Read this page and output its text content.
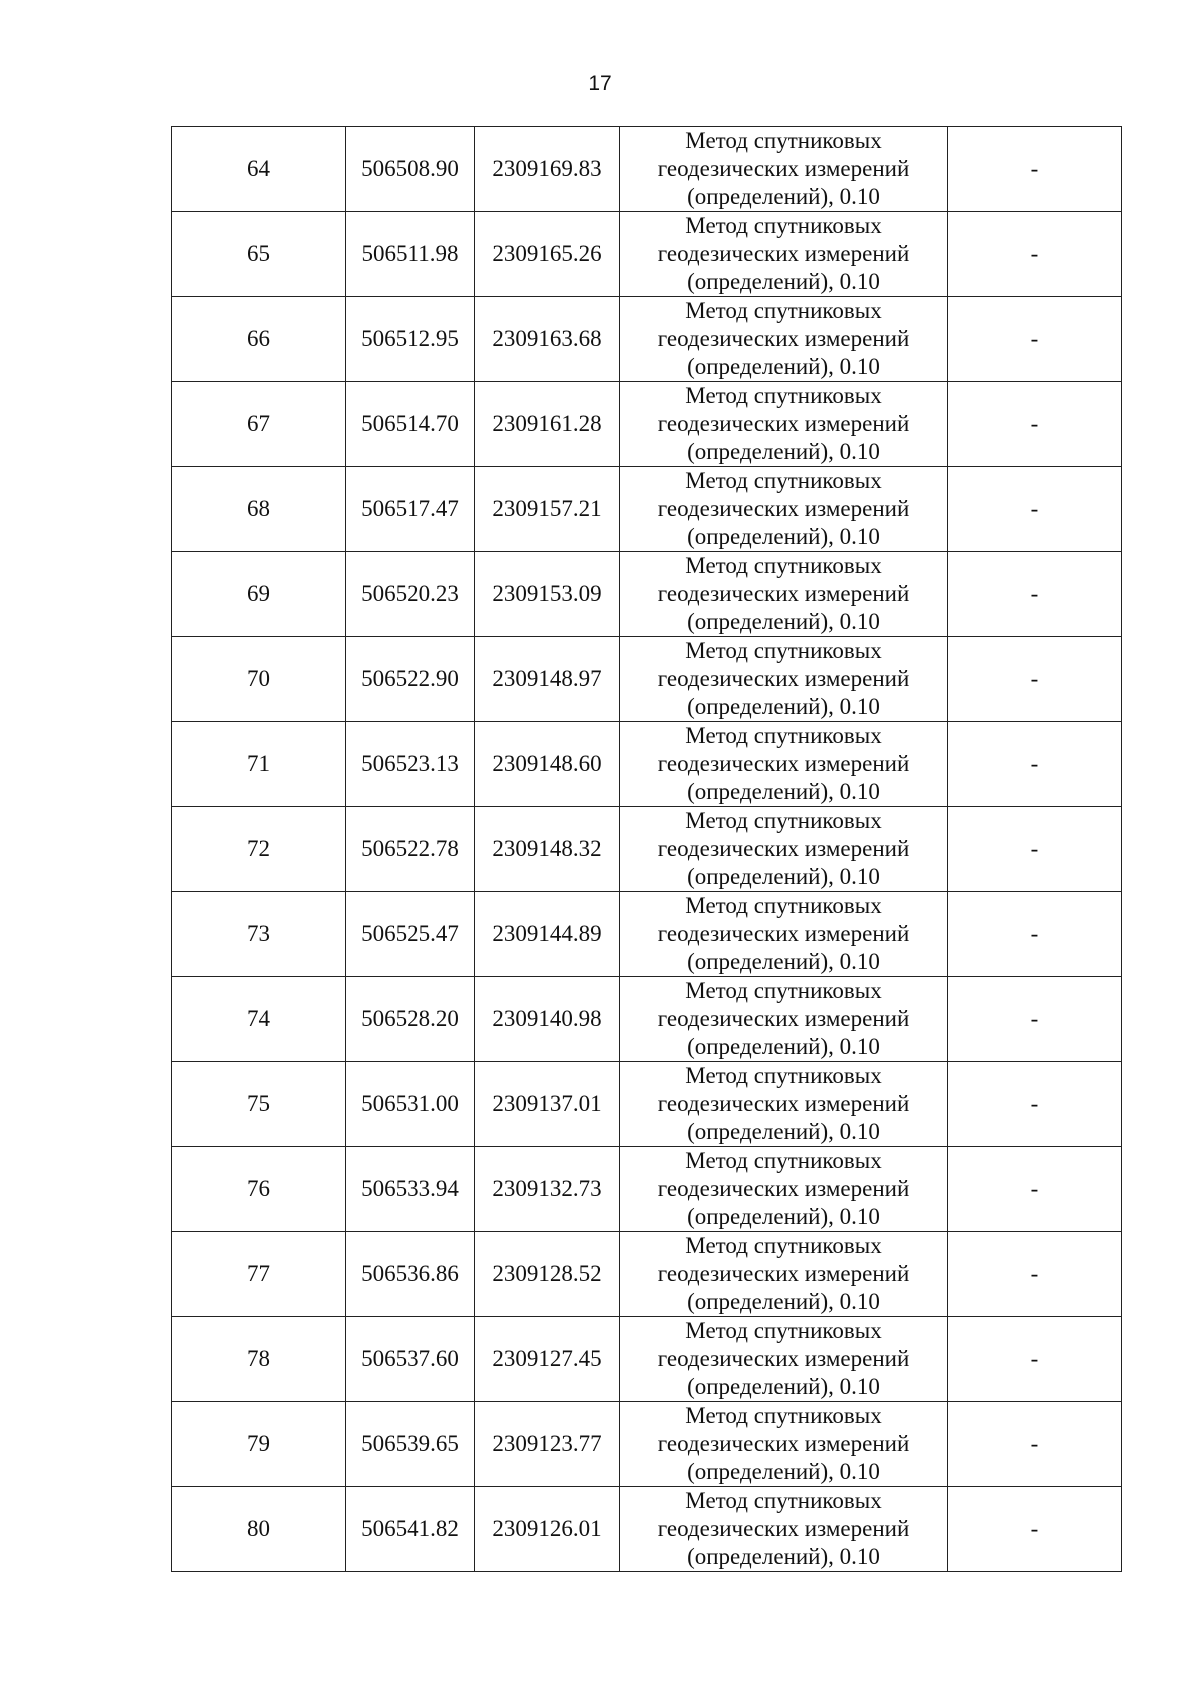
17
64	506508.90	2309169.83	Метод спутниковых
геодезических измерений
(определений), 0.10	-
65	506511.98	2309165.26	Метод спутниковых
геодезических измерений
(определений), 0.10	-
66	506512.95	2309163.68	Метод спутниковых
геодезических измерений
(определений), 0.10	-
67	506514.70	2309161.28	Метод спутниковых
геодезических измерений
(определений), 0.10	-
68	506517.47	2309157.21	Метод спутниковых
геодезических измерений
(определений), 0.10	-
69	506520.23	2309153.09	Метод спутниковых
геодезических измерений
(определений), 0.10	-
70	506522.90	2309148.97	Метод спутниковых
геодезических измерений
(определений), 0.10	-
71	506523.13	2309148.60	Метод спутниковых
геодезических измерений
(определений), 0.10	-
72	506522.78	2309148.32	Метод спутниковых
геодезических измерений
(определений), 0.10	-
73	506525.47	2309144.89	Метод спутниковых
геодезических измерений
(определений), 0.10	-
74	506528.20	2309140.98	Метод спутниковых
геодезических измерений
(определений), 0.10	-
75	506531.00	2309137.01	Метод спутниковых
геодезических измерений
(определений), 0.10	-
76	506533.94	2309132.73	Метод спутниковых
геодезических измерений
(определений), 0.10	-
77	506536.86	2309128.52	Метод спутниковых
геодезических измерений
(определений), 0.10	-
78	506537.60	2309127.45	Метод спутниковых
геодезических измерений
(определений), 0.10	-
79	506539.65	2309123.77	Метод спутниковых
геодезических измерений
(определений), 0.10	-
80	506541.82	2309126.01	Метод спутниковых
геодезических измерений
(определений), 0.10	-
